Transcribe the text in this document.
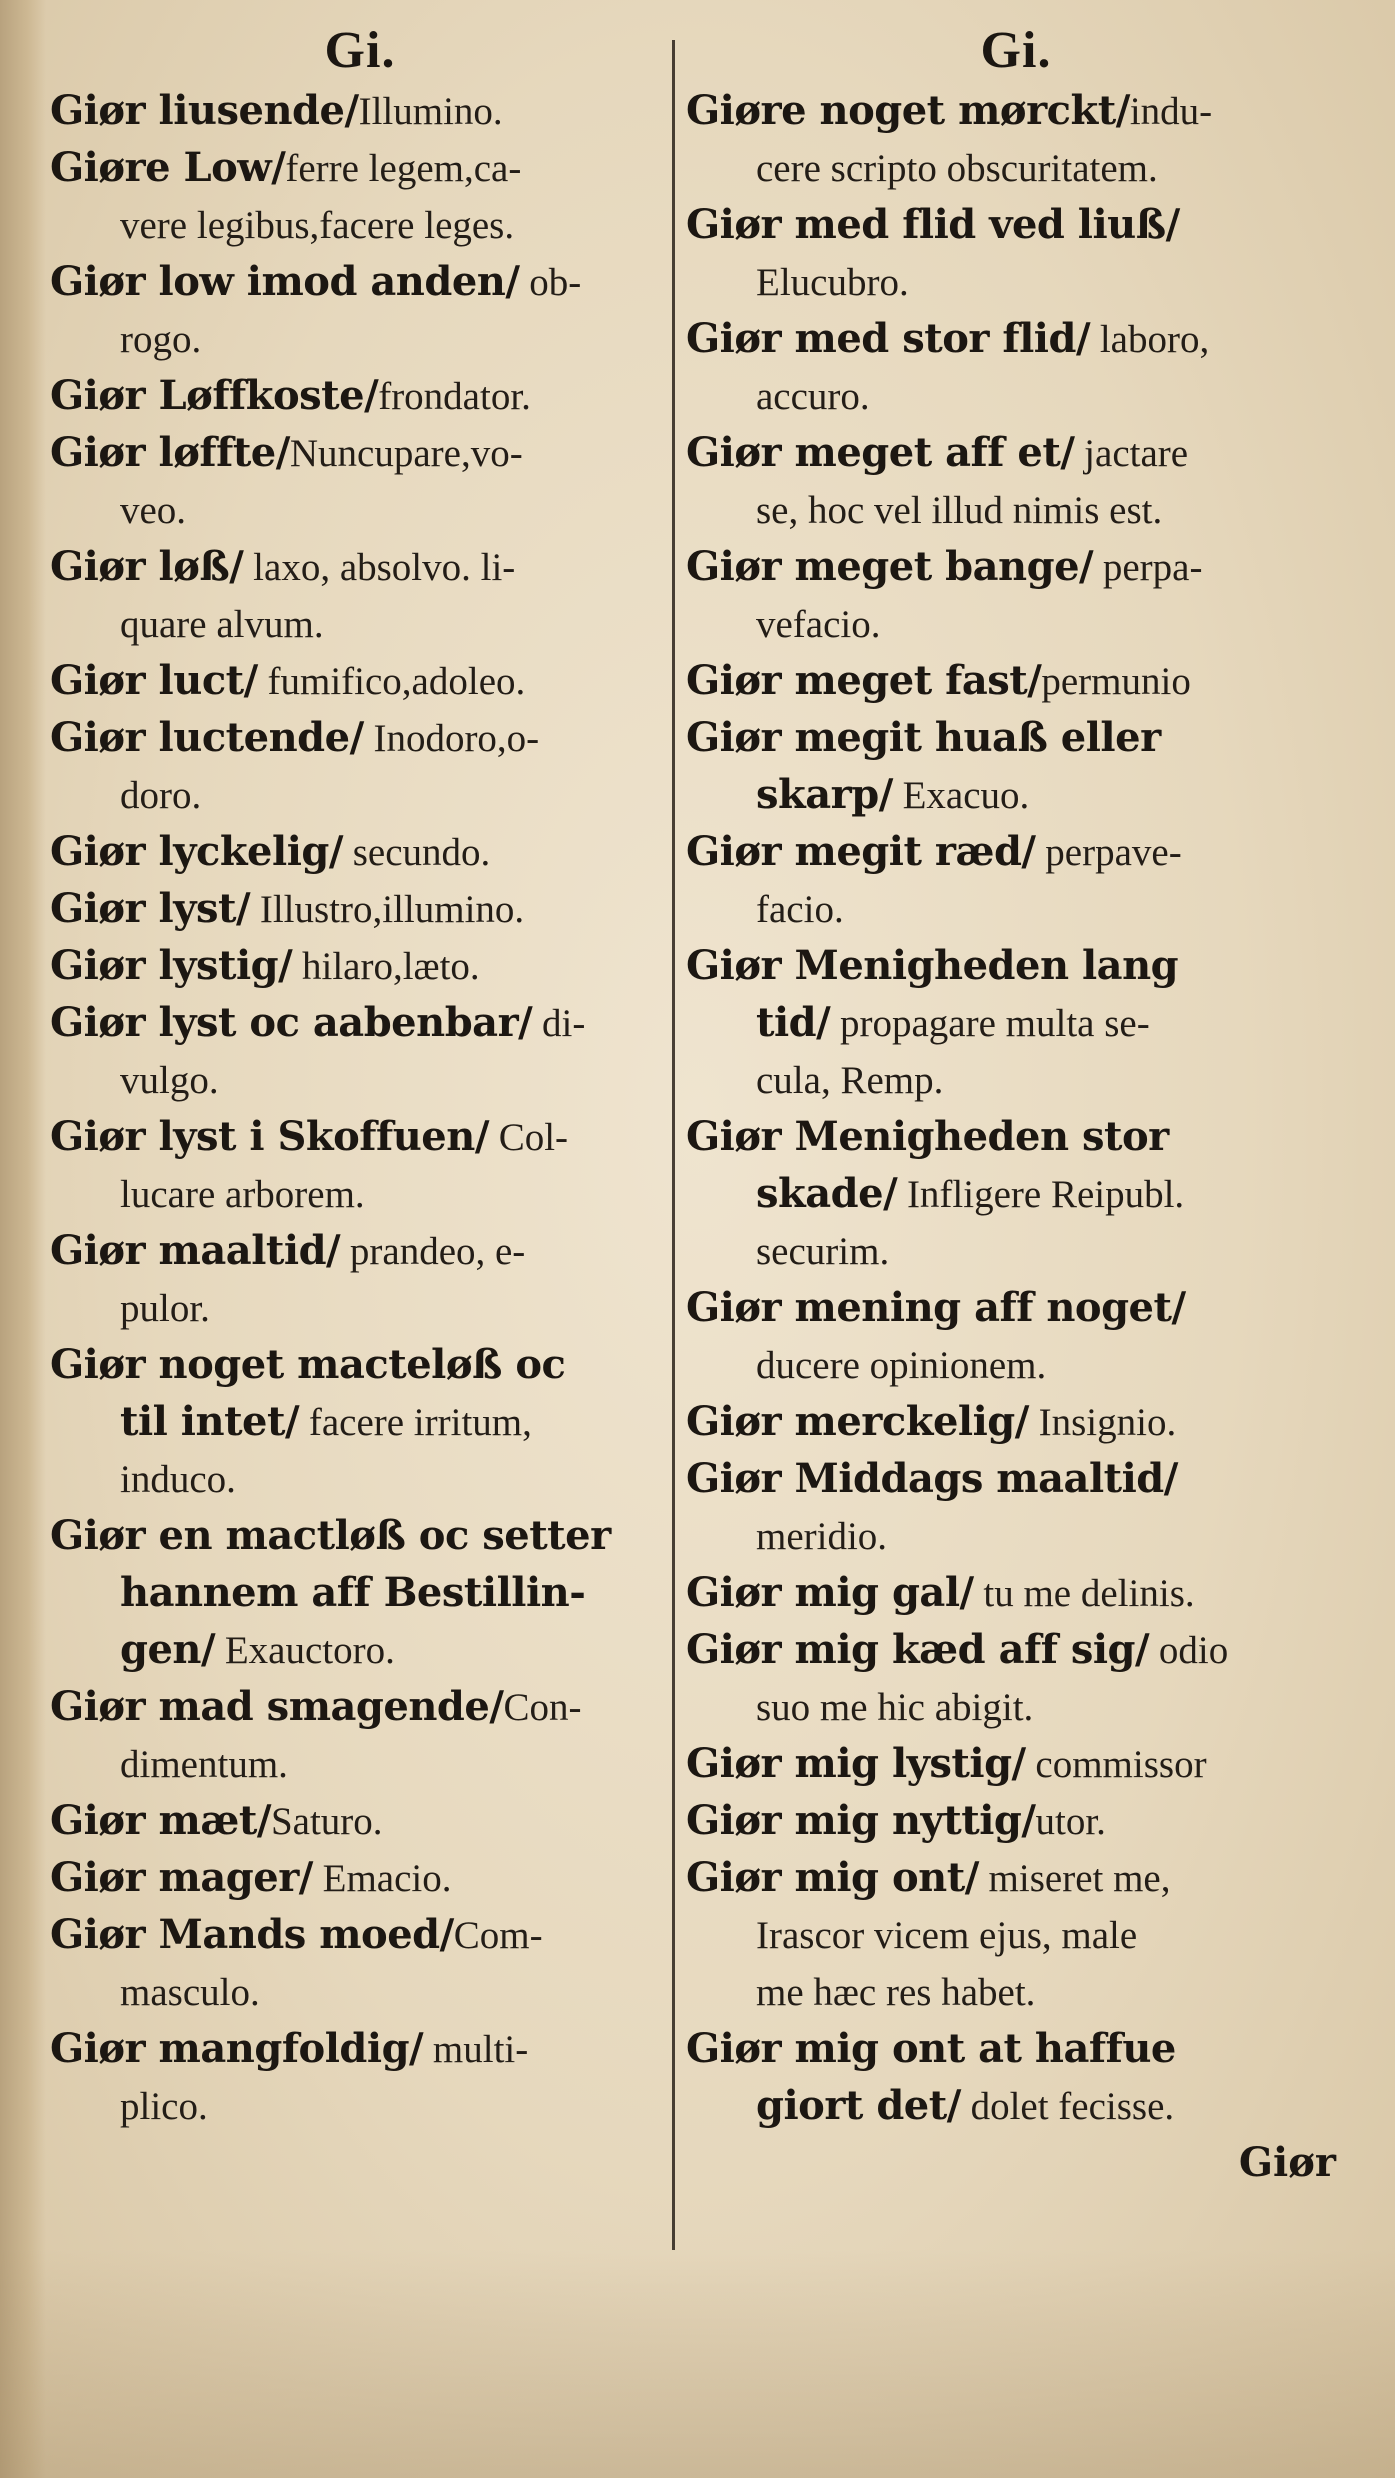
Gi.
Giør liusende/Illumino.
Giøre Low/ferre legem,ca-
vere legibus,facere leges.
Giør low imod anden/ ob-
rogo.
Giør Løffkoste/frondator.
Giør løffte/Nuncupare,vo-
veo.
Giør løß/ laxo, absolvo. li-
quare alvum.
Giør luct/ fumifico,adoleo.
Giør luctende/ Inodoro,o-
doro.
Giør lyckelig/ secundo.
Giør lyst/ Illustro,illumino.
Giør lystig/ hilaro,læto.
Giør lyst oc aabenbar/ di-
vulgo.
Giør lyst i Skoffuen/ Col-
lucare arborem.
Giør maaltid/ prandeo, e-
pulor.
Giør noget macteløß oc
til intet/ facere irritum,
induco.
Giør en mactløß oc setter
hannem aff Bestillin-
gen/ Exauctoro.
Giør mad smagende/Con-
dimentum.
Giør mæt/Saturo.
Giør mager/ Emacio.
Giør Mands moed/Com-
masculo.
Giør mangfoldig/ multi-
plico.
Gi.
Giøre noget mørckt/indu-
cere scripto obscuritatem.
Giør med flid ved liuß/
Elucubro.
Giør med stor flid/ laboro,
accuro.
Giør meget aff et/ jactare
se, hoc vel illud nimis est.
Giør meget bange/ perpa-
vefacio.
Giør meget fast/permunio
Giør megit huaß eller
skarp/ Exacuo.
Giør megit ræd/ perpave-
facio.
Giør Menigheden lang
tid/ propagare multa se-
cula, Remp.
Giør Menigheden stor
skade/ Infligere Reipubl.
securim.
Giør mening aff noget/
ducere opinionem.
Giør merckelig/ Insignio.
Giør Middags maaltid/
meridio.
Giør mig gal/ tu me delinis.
Giør mig kæd aff sig/ odio
suo me hic abigit.
Giør mig lystig/ commissor
Giør mig nyttig/utor.
Giør mig ont/ miseret me,
Irascor vicem ejus, male
me hæc res habet.
Giør mig ont at haffue
giort det/ dolet fecisse.
Giør
